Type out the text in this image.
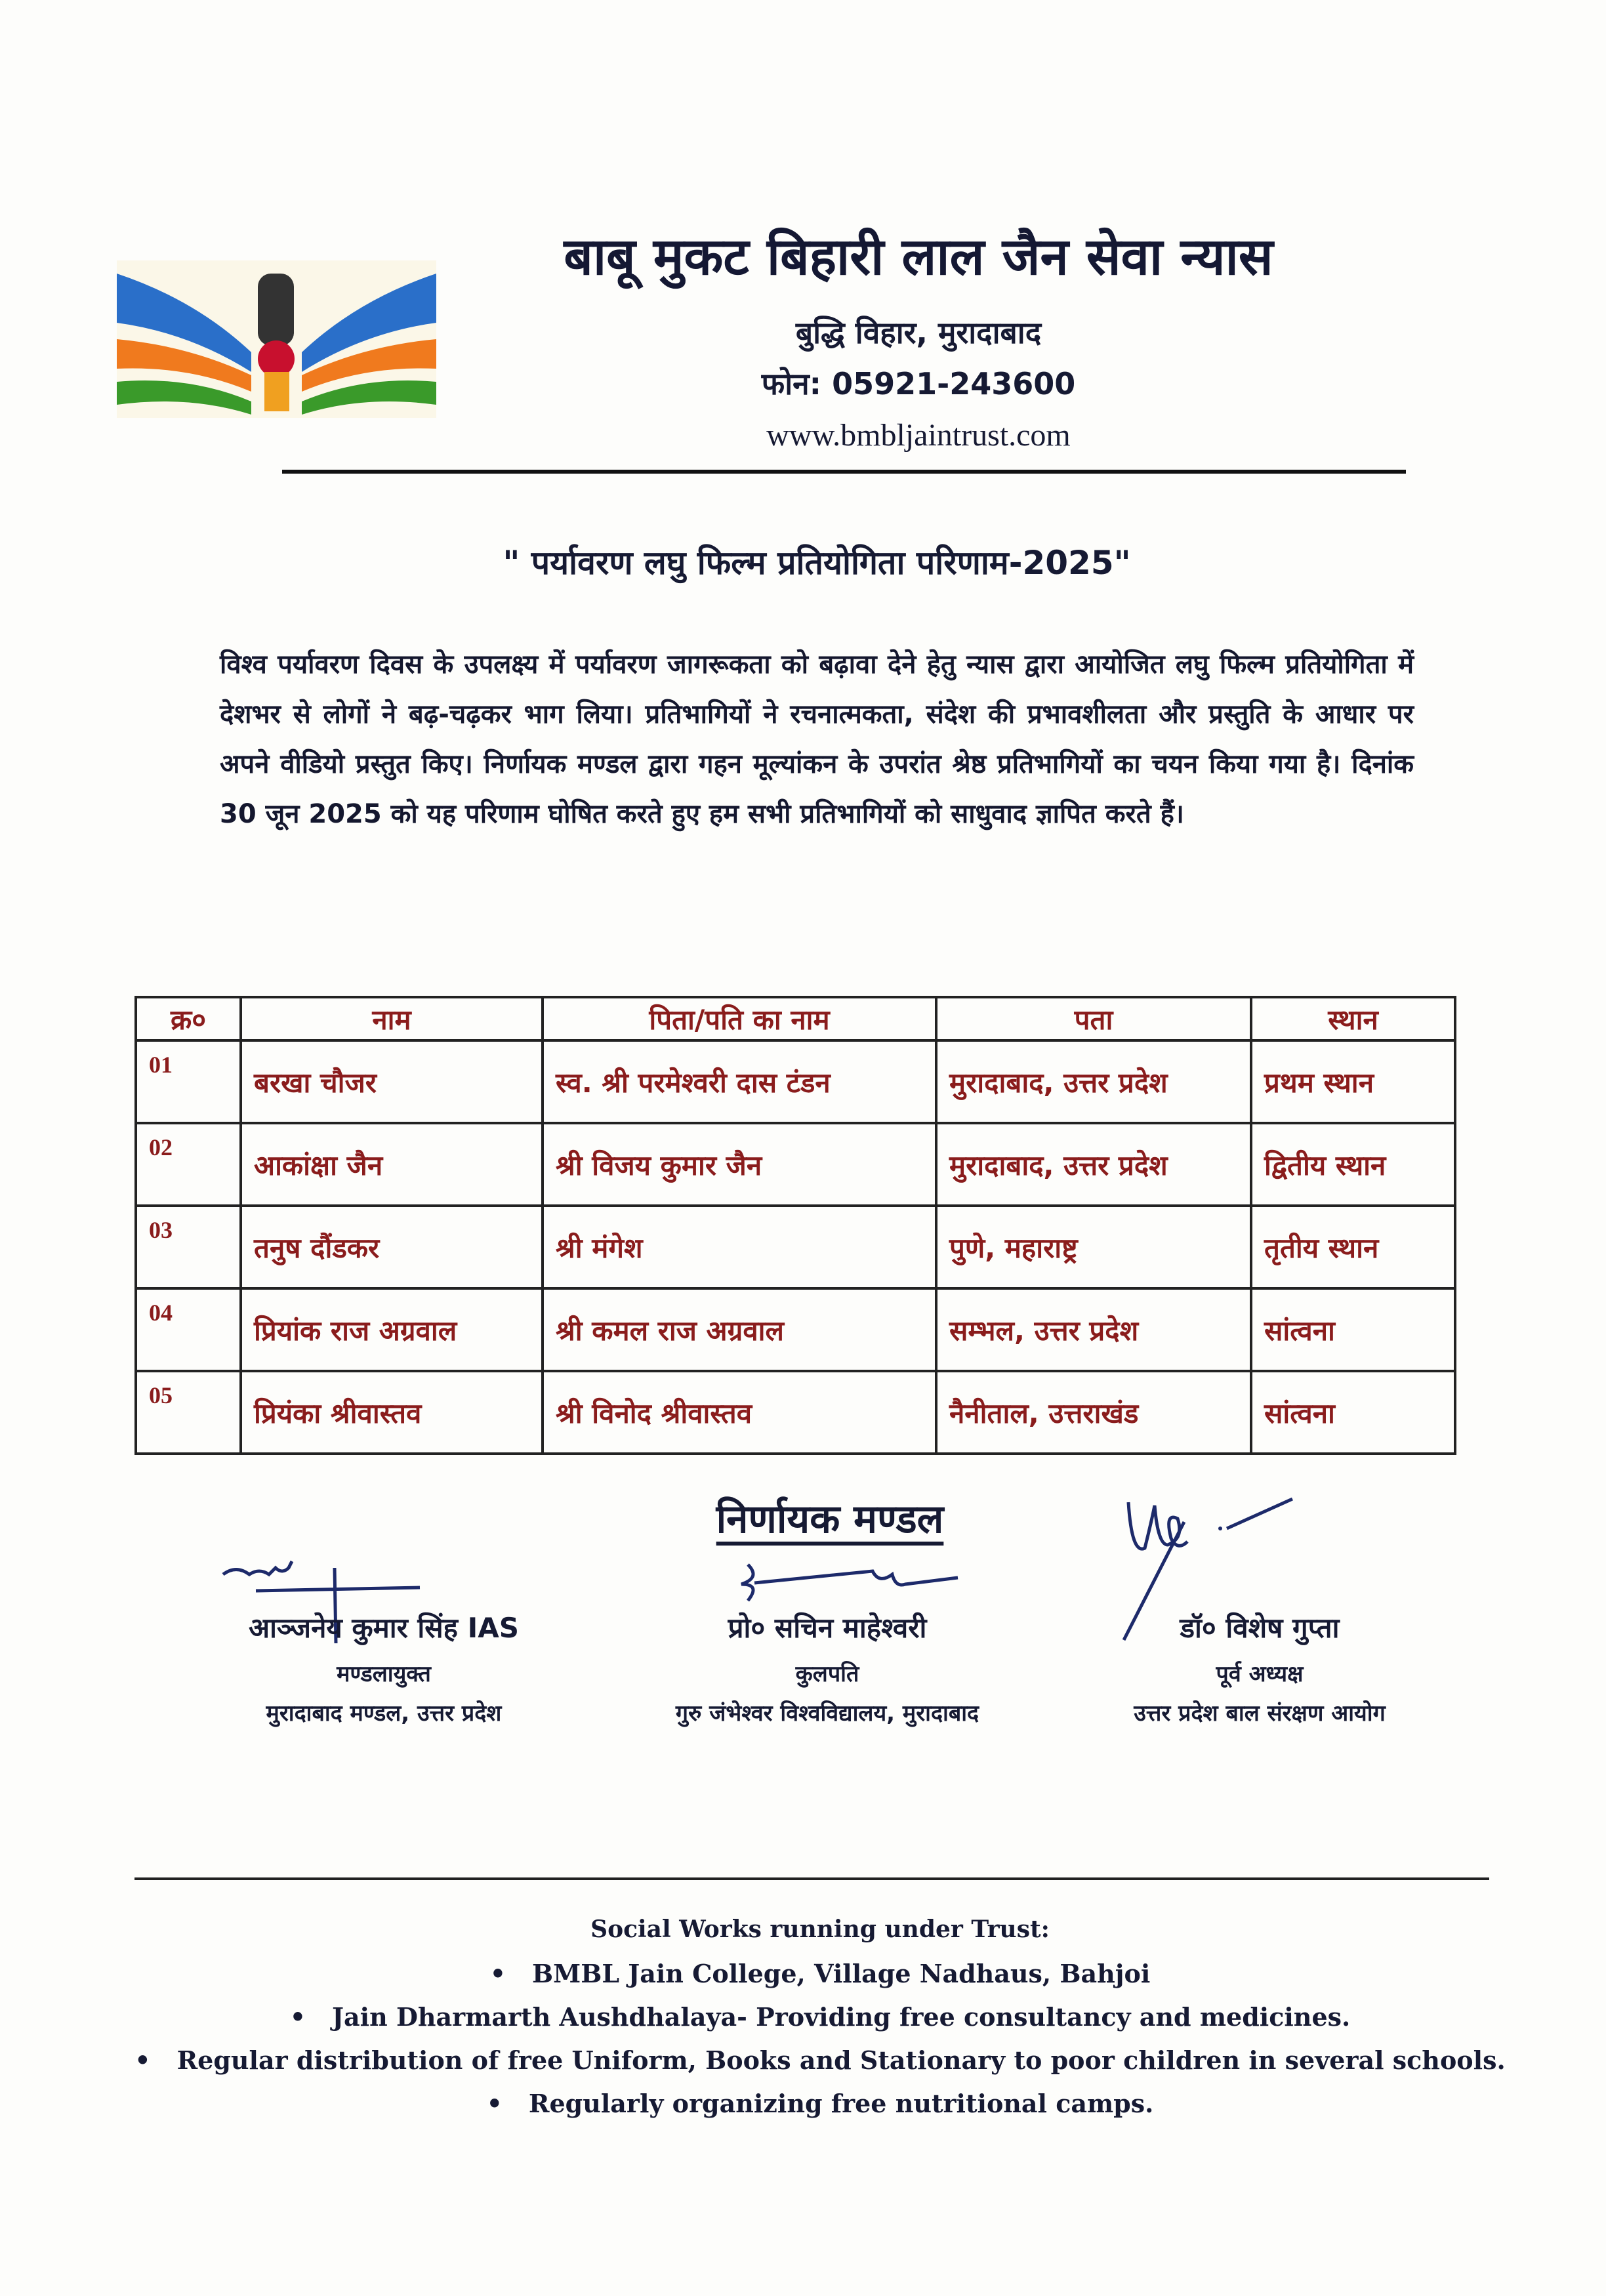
बाबू मुकट बिहारी लाल जैन सेवा न्यास
बुद्धि विहार, मुरादाबाद
फोन: 05921-243600
www.bmbljaintrust.com
" पर्यावरण लघु फिल्म प्रतियोगिता परिणाम-2025"
विश्व पर्यावरण दिवस के उपलक्ष्य में पर्यावरण जागरूकता को बढ़ावा देने हेतु न्यास द्वारा आयोजित लघु फिल्म प्रतियोगिता में देशभर से लोगों ने बढ़-चढ़कर भाग लिया। प्रतिभागियों ने रचनात्मकता, संदेश की प्रभावशीलता और प्रस्तुति के आधार पर अपने वीडियो प्रस्तुत किए। निर्णायक मण्डल द्वारा गहन मूल्यांकन के उपरांत श्रेष्ठ प्रतिभागियों का चयन किया गया है। दिनांक 30 जून 2025 को यह परिणाम घोषित करते हुए हम सभी प्रतिभागियों को साधुवाद ज्ञापित करते हैं।
क्र०	नाम	पिता/पति का नाम	पता	स्थान
01	बरखा चौजर	स्व. श्री परमेश्वरी दास टंडन	मुरादाबाद, उत्तर प्रदेश	प्रथम स्थान
02	आकांक्षा जैन	श्री विजय कुमार जैन	मुरादाबाद, उत्तर प्रदेश	द्वितीय स्थान
03	तनुष दौंडकर	श्री मंगेश	पुणे, महाराष्ट्र	तृतीय स्थान
04	प्रियांक राज अग्रवाल	श्री कमल राज अग्रवाल	सम्भल, उत्तर प्रदेश	सांत्वना
05	प्रियंका श्रीवास्तव	श्री विनोद श्रीवास्तव	नैनीताल, उत्तराखंड	सांत्वना
निर्णायक मण्डल
आञ्जनेय कुमार सिंह IAS
मण्डलायुक्त
मुरादाबाद मण्डल, उत्तर प्रदेश
प्रो० सचिन माहेश्वरी
कुलपति
गुरु जंभेश्वर विश्वविद्यालय, मुरादाबाद
डॉ० विशेष गुप्ता
पूर्व अध्यक्ष
उत्तर प्रदेश बाल संरक्षण आयोग
Social Works running under Trust:
• BMBL Jain College, Village Nadhaus, Bahjoi
• Jain Dharmarth Aushdhalaya- Providing free consultancy and medicines.
• Regular distribution of free Uniform, Books and Stationary to poor children in several schools.
• Regularly organizing free nutritional camps.
